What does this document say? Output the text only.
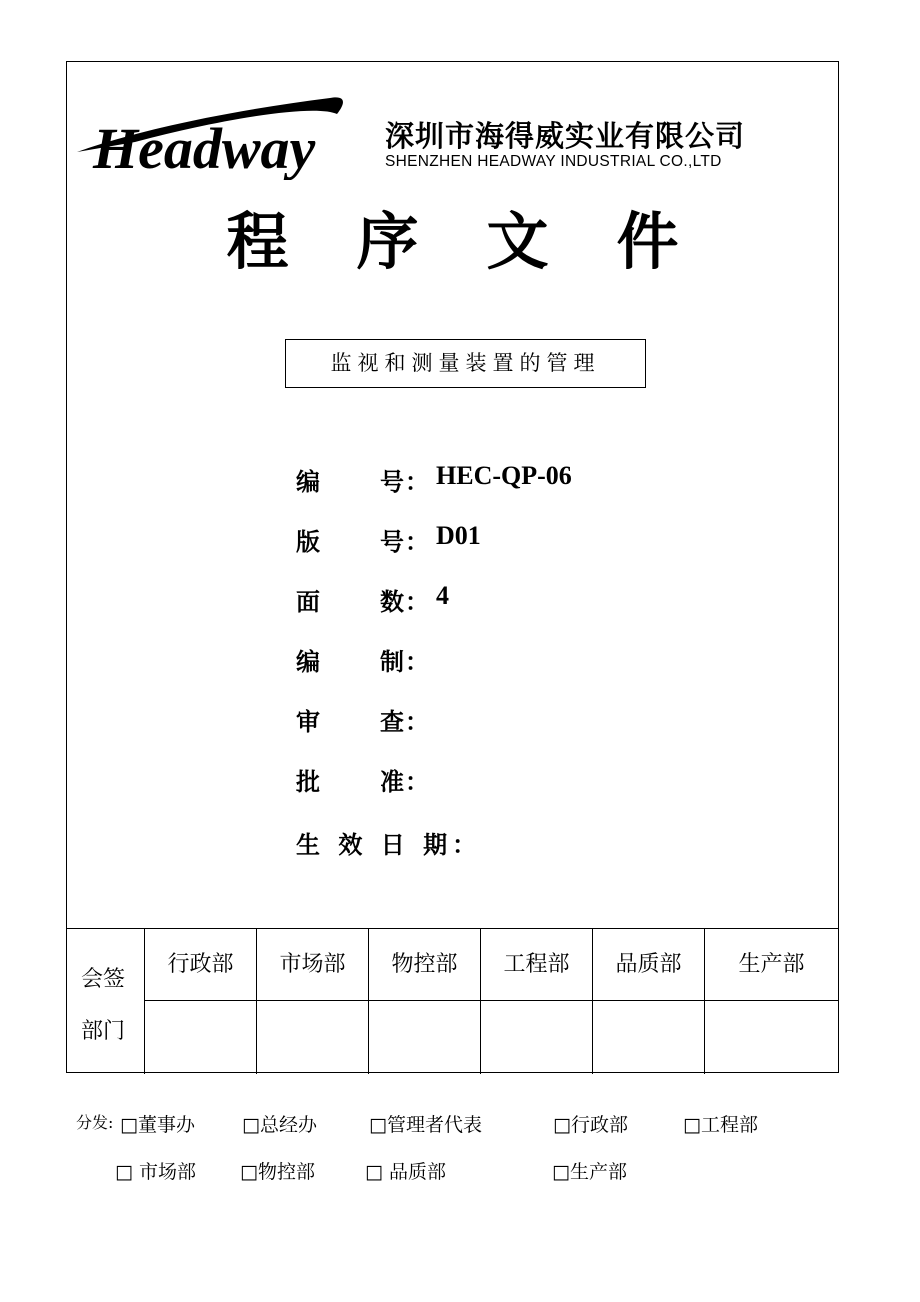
Headway 深圳市海得威实业有限公司
SHENZHEN HEADWAY INDUSTRIAL CO.,LTD
程序文件
监视和测量装置的管理
编	号 ： HEC-QP-06
版	号 ： D01
面	数 ： 4
编	制 ：
审	查 ：
批	准 ：
生 效 日 期：
会签
部门
行政部	市场部	物控部	工程部	品质部	生产部
分发: □董事办 □总经办	□管理者代表	□行政部	□工程部
□ 市场部 □物控部	□ 品质部	□生产部
